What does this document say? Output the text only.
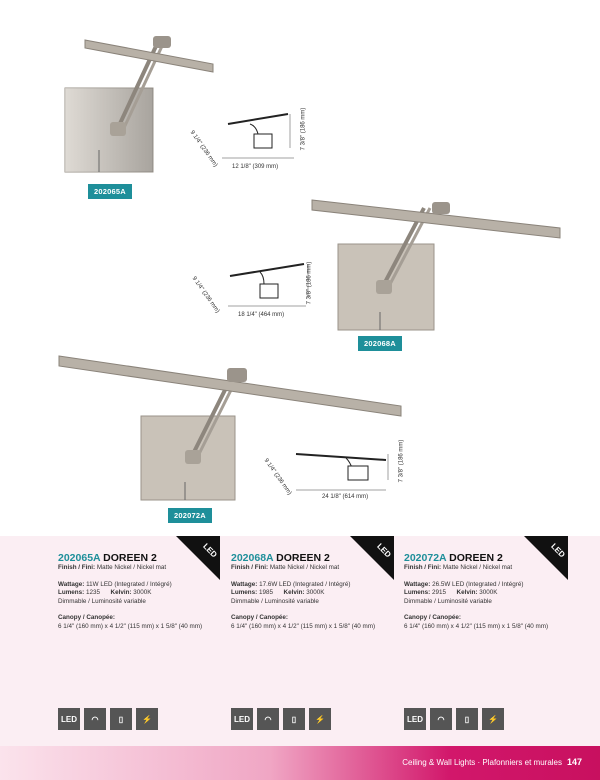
202065A
12 1/8" (309 mm)
7 3/8" (186 mm)
9 1/4" (236 mm)
202068A
18 1/4" (464 mm)
7 3/8" (186 mm)
9 1/4" (236 mm)
202072A
24 1/8" (614 mm)
7 3/8" (186 mm)
9 1/4" (236 mm)
LED	LED	LED
202065A DOREEN 2
Finish / Fini: Matte Nickel / Nickel mat
Wattage: 11W LED (Integrated / Intégré)
Lumens: 1235 Kelvin: 3000K
Dimmable / Luminosité variable
Canopy / Canopée:
6 1/4" (160 mm) x 4 1/2" (115 mm) x 1 5/8" (40 mm)
202068A DOREEN 2
Finish / Fini: Matte Nickel / Nickel mat
Wattage: 17.6W LED (Integrated / Intégré)
Lumens: 1985 Kelvin: 3000K
Dimmable / Luminosité variable
Canopy / Canopée:
6 1/4" (160 mm) x 4 1/2" (115 mm) x 1 5/8" (40 mm)
202072A DOREEN 2
Finish / Fini: Matte Nickel / Nickel mat
Wattage: 26.5W LED (Integrated / Intégré)
Lumens: 2915 Kelvin: 3000K
Dimmable / Luminosité variable
Canopy / Canopée:
6 1/4" (160 mm) x 4 1/2" (115 mm) x 1 5/8" (40 mm)
LED	◠	▯	⚡	LED	◠	▯	⚡	LED	◠	▯	⚡
Ceiling & Wall Lights · Plafonniers et murales 147
